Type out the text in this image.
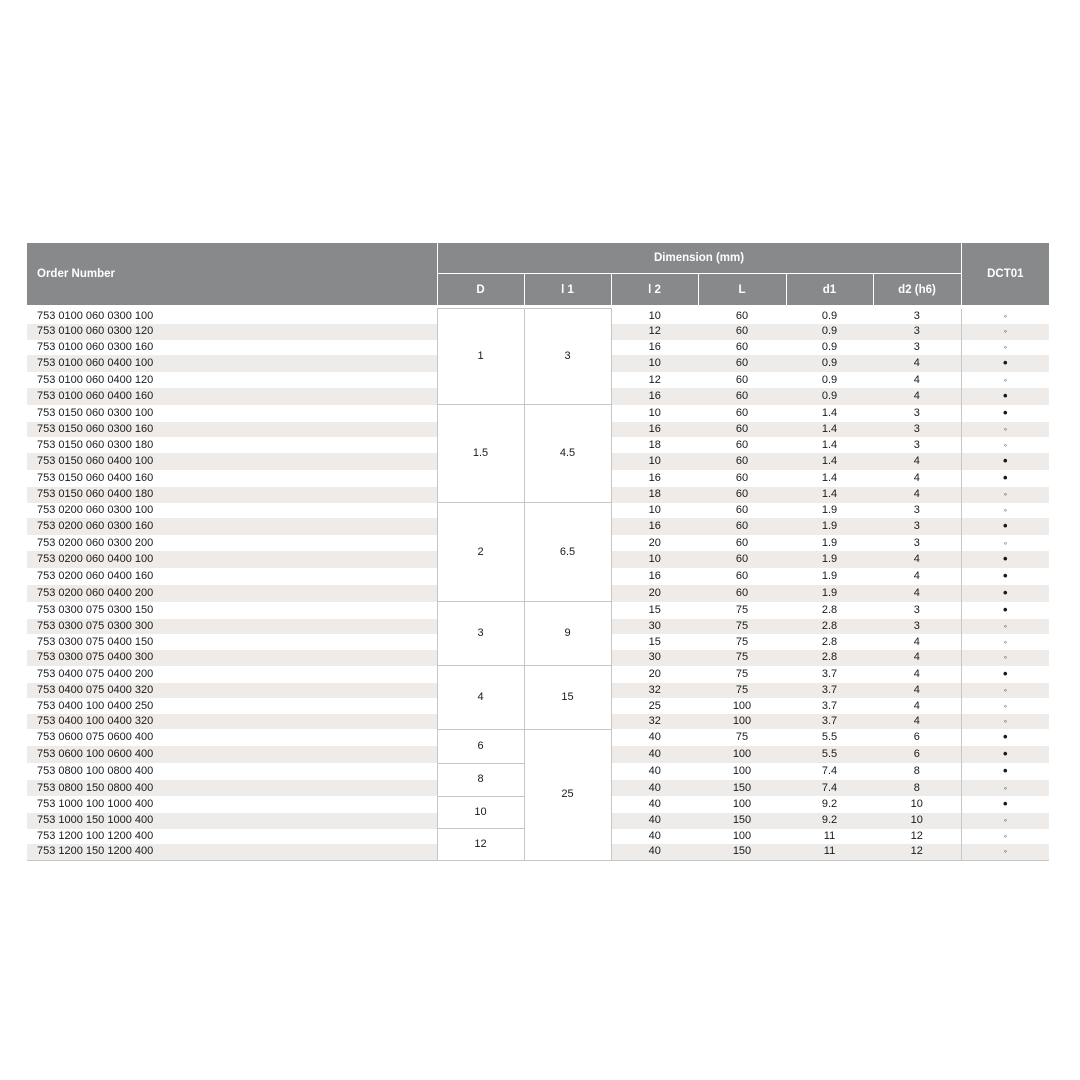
Order Number	Dimension (mm)						DCT01
	D	l 1	l 2	L	d1	d2 (h6)	

753 0100 060 0300 100	1	3	10	60	0.9	3	◦
753 0100 060 0300 120			12	60	0.9	3	◦
753 0100 060 0300 160			16	60	0.9	3	◦
753 0100 060 0400 100			10	60	0.9	4	•
753 0100 060 0400 120			12	60	0.9	4	◦
753 0100 060 0400 160			16	60	0.9	4	•
753 0150 060 0300 100	1.5	4.5	10	60	1.4	3	•
753 0150 060 0300 160			16	60	1.4	3	◦
753 0150 060 0300 180			18	60	1.4	3	◦
753 0150 060 0400 100			10	60	1.4	4	•
753 0150 060 0400 160			16	60	1.4	4	•
753 0150 060 0400 180			18	60	1.4	4	◦
753 0200 060 0300 100	2	6.5	10	60	1.9	3	◦
753 0200 060 0300 160			16	60	1.9	3	•
753 0200 060 0300 200			20	60	1.9	3	◦
753 0200 060 0400 100			10	60	1.9	4	•
753 0200 060 0400 160			16	60	1.9	4	•
753 0200 060 0400 200			20	60	1.9	4	•
753 0300 075 0300 150	3	9	15	75	2.8	3	•
753 0300 075 0300 300			30	75	2.8	3	◦
753 0300 075 0400 150			15	75	2.8	4	◦
753 0300 075 0400 300			30	75	2.8	4	◦
753 0400 075 0400 200	4	15	20	75	3.7	4	•
753 0400 075 0400 320			32	75	3.7	4	◦
753 0400 100 0400 250			25	100	3.7	4	◦
753 0400 100 0400 320			32	100	3.7	4	◦
753 0600 075 0600 400	6	25	40	75	5.5	6	•
753 0600 100 0600 400			40	100	5.5	6	•
753 0800 100 0800 400	8		40	100	7.4	8	•
753 0800 150 0800 400			40	150	7.4	8	◦
753 1000 100 1000 400	10		40	100	9.2	10	•
753 1000 150 1000 400			40	150	9.2	10	◦
753 1200 100 1200 400	12		40	100	11	12	◦
753 1200 150 1200 400			40	150	11	12	◦
